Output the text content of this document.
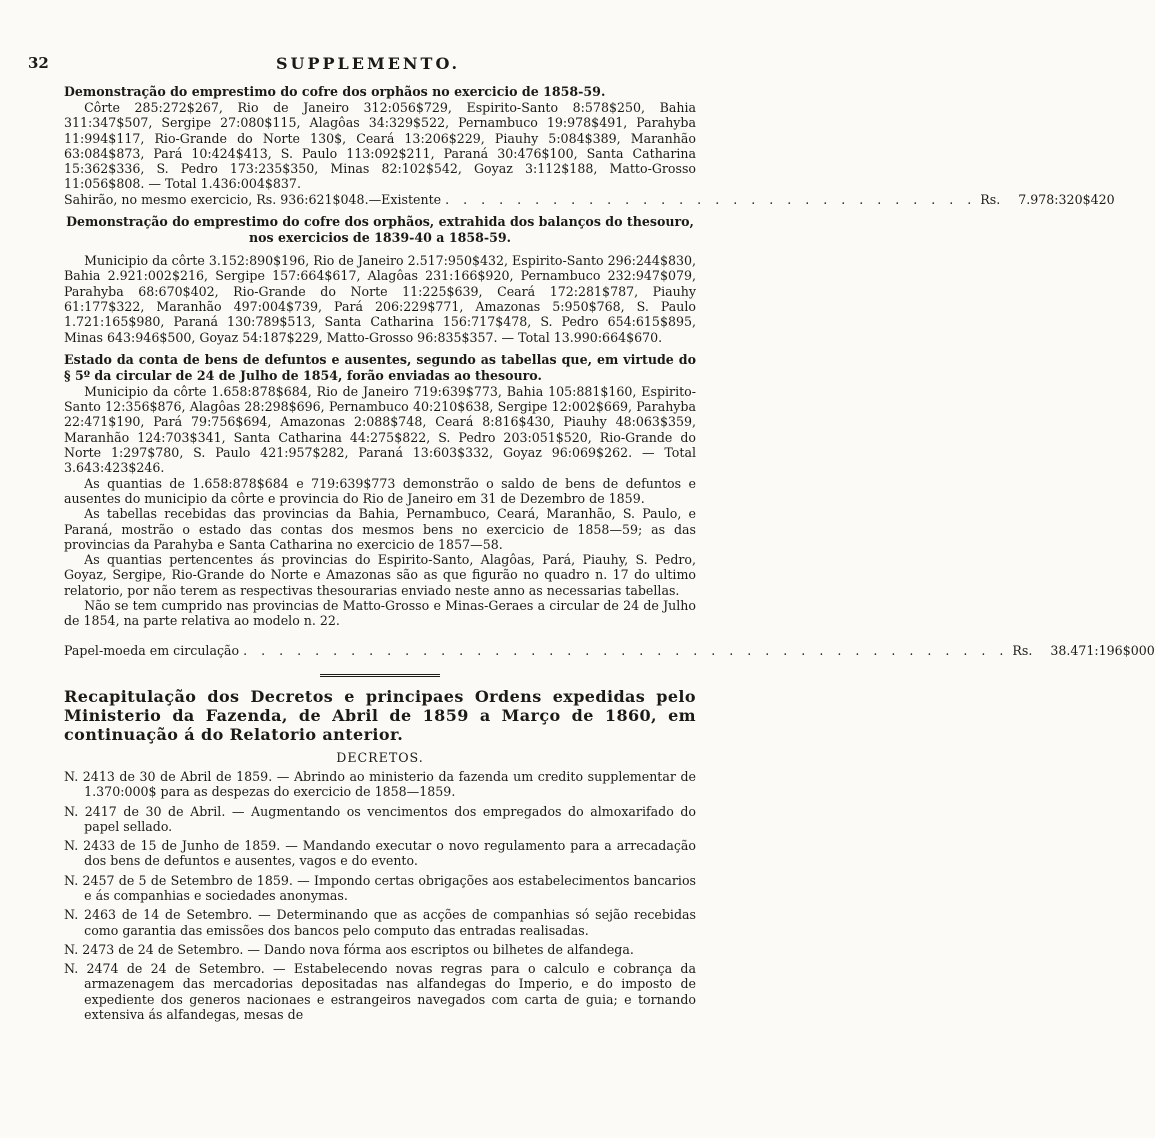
32	SUPPLEMENTO.

Demonstração do emprestimo do cofre dos orphãos no exercicio de 1858-59.

Côrte 285:272$267, Rio de Janeiro 312:056$729, Espirito-Santo 8:578$250, Bahia 311:347$507, Sergipe 27:080$115, Alagôas 34:329$522, Pernambuco 19:978$491, Parahyba 11:994$117, Rio-Grande do Norte 130$, Ceará 13:206$229, Piauhy 5:084$389, Maranhão 63:084$873, Pará 10:424$413, S. Paulo 113:092$211, Paraná 30:476$100, Santa Catharina 15:362$336, S. Pedro 173:235$350, Minas 82:102$542, Goyaz 3:112$188, Matto-Grosso 11:056$808. — Total 1.436:004$837.

Sahirão, no mesmo exercicio, Rs. 936:621$048.—Existente . . . . . . . . . . . . . . . . . . . . . . . . . . . . . . Rs. 7.978:320$420

Demonstração do emprestimo do cofre dos orphãos, extrahida dos balanços do thesouro, nos exercicios de 1839-40 a 1858-59.

Municipio da côrte 3.152:890$196, Rio de Janeiro 2.517:950$432, Espirito-Santo 296:244$830, Bahia 2.921:002$216, Sergipe 157:664$617, Alagôas 231:166$920, Pernambuco 232:947$079, Parahyba 68:670$402, Rio-Grande do Norte 11:225$639, Ceará 172:281$787, Piauhy 61:177$322, Maranhão 497:004$739, Pará 206:229$771, Amazonas 5:950$768, S. Paulo 1.721:165$980, Paraná 130:789$513, Santa Catharina 156:717$478, S. Pedro 654:615$895, Minas 643:946$500, Goyaz 54:187$229, Matto-Grosso 96:835$357. — Total 13.990:664$670.

Estado da conta de bens de defuntos e ausentes, segundo as tabellas que, em virtude do § 5º da circular de 24 de Julho de 1854, forão enviadas ao thesouro.

Municipio da côrte 1.658:878$684, Rio de Janeiro 719:639$773, Bahia 105:881$160, Espirito-Santo 12:356$876, Alagôas 28:298$696, Pernambuco 40:210$638, Sergipe 12:002$669, Parahyba 22:471$190, Pará 79:756$694, Amazonas 2:088$748, Ceará 8:816$430, Piauhy 48:063$359, Maranhão 124:703$341, Santa Catharina 44:275$822, S. Pedro 203:051$520, Rio-Grande do Norte 1:297$780, S. Paulo 421:957$282, Paraná 13:603$332, Goyaz 96:069$262. — Total 3.643:423$246.

As quantias de 1.658:878$684 e 719:639$773 demonstrão o saldo de bens de defuntos e ausentes do municipio da côrte e provincia do Rio de Janeiro em 31 de Dezembro de 1859.

As tabellas recebidas das provincias da Bahia, Pernambuco, Ceará, Maranhão, S. Paulo, e Paraná, mostrão o estado das contas dos mesmos bens no exercicio de 1858—59; as das provincias da Parahyba e Santa Catharina no exercicio de 1857—58.

As quantias pertencentes ás provincias do Espirito-Santo, Alagôas, Pará, Piauhy, S. Pedro, Goyaz, Sergipe, Rio-Grande do Norte e Amazonas são as que figurão no quadro n. 17 do ultimo relatorio, por não terem as respectivas thesourarias enviado neste anno as necessarias tabellas.

Não se tem cumprido nas provincias de Matto-Grosso e Minas-Geraes a circular de 24 de Julho de 1854, na parte relativa ao modelo n. 22.

Papel-moeda em circulação . . . . . . . . . . . . . . . . . . . . . . . . . . . . . . . . . . . . . . . . . . . Rs. 38.471:196$000

Recapitulação dos Decretos e principaes Ordens expedidas pelo Ministerio da Fazenda, de Abril de 1859 a Março de 1860, em continuação á do Relatorio anterior.

DECRETOS.

N. 2413 de 30 de Abril de 1859. — Abrindo ao ministerio da fazenda um credito supplementar de 1.370:000$ para as despezas do exercicio de 1858—1859.

N. 2417 de 30 de Abril. — Augmentando os vencimentos dos empregados do almoxarifado do papel sellado.

N. 2433 de 15 de Junho de 1859. — Mandando executar o novo regulamento para a arrecadação dos bens de defuntos e ausentes, vagos e do evento.

N. 2457 de 5 de Setembro de 1859. — Impondo certas obrigações aos estabelecimentos bancarios e ás companhias e sociedades anonymas.

N. 2463 de 14 de Setembro. — Determinando que as acções de companhias só sejão recebidas como garantia das emissões dos bancos pelo computo das entradas realisadas.

N. 2473 de 24 de Setembro. — Dando nova fórma aos escriptos ou bilhetes de alfandega.

N. 2474 de 24 de Setembro. — Estabelecendo novas regras para o calculo e cobrança da armazenagem das mercadorias depositadas nas alfandegas do Imperio, e do imposto de expediente dos generos nacionaes e estrangeiros navegados com carta de guia; e tornando extensiva ás alfandegas, mesas de
